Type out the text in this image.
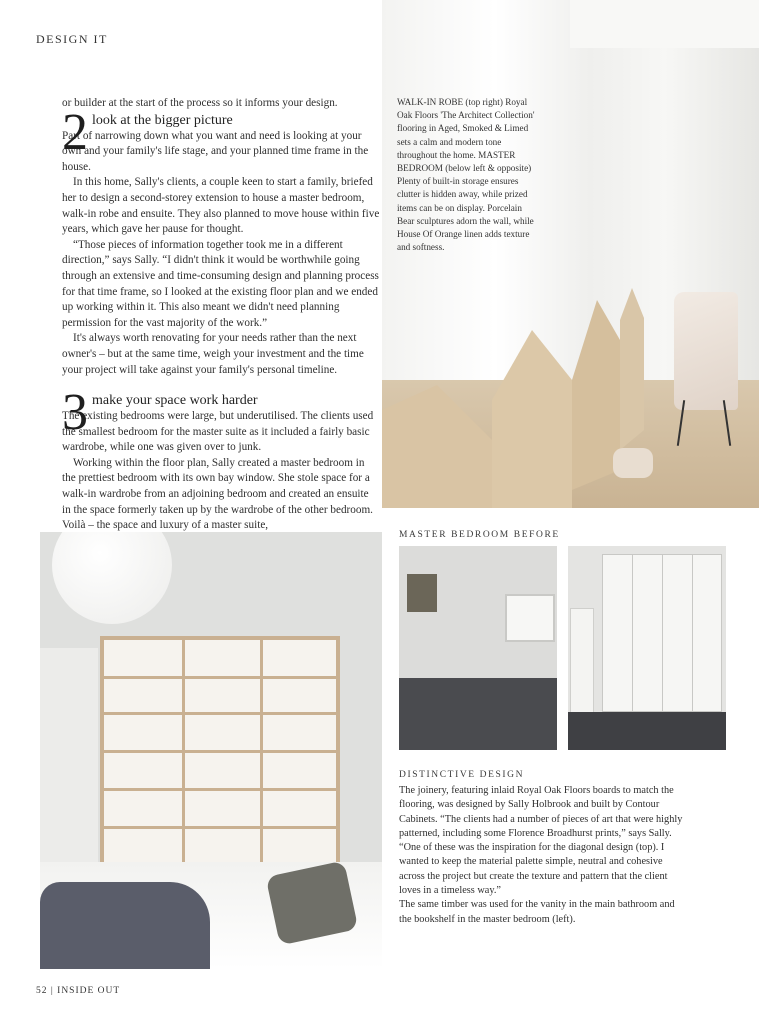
DESIGN IT

or builder at the start of the process so it informs your design.

2 look at the bigger picture

Part of narrowing down what you want and need is looking at your own and your family's life stage, and your planned time frame in the house.

In this home, Sally's clients, a couple keen to start a family, briefed her to design a second-storey extension to house a master bedroom, walk-in robe and ensuite. They also planned to move house within five years, which gave her pause for thought.

“Those pieces of information together took me in a different direction,” says Sally. “I didn't think it would be worthwhile going through an extensive and time-consuming design and planning process for that time frame, so I looked at the existing floor plan and we ended up working within it. This also meant we didn't need planning permission for the vast majority of the work.”

It's always worth renovating for your needs rather than the next owner's – but at the same time, weigh your investment and the time your project will take against your family's personal timeline.

3 make your space work harder

The existing bedrooms were large, but underutilised. The clients used the smallest bedroom for the master suite as it included a fairly basic wardrobe, while one was given over to junk.

Working within the floor plan, Sally created a master bedroom in the prettiest bedroom with its own bay window. She stole space for a walk-in wardrobe from an adjoining bedroom and created an ensuite in the space formerly taken up by the wardrobe of the other bedroom. Voilà – the space and luxury of a master suite,

WALK-IN ROBE (top right) Royal Oak Floors 'The Architect Collection' flooring in Aged, Smoked & Limed sets a calm and modern tone throughout the home. MASTER BEDROOM (below left & opposite) Plenty of built-in storage ensures clutter is hidden away, while prized items can be on display. Porcelain Bear sculptures adorn the wall, while House Of Orange linen adds texture and softness.
MASTER BEDROOM BEFORE
DISTINCTIVE DESIGN

The joinery, featuring inlaid Royal Oak Floors boards to match the flooring, was designed by Sally Holbrook and built by Contour Cabinets. “The clients had a number of pieces of art that were highly patterned, including some Florence Broadhurst prints,” says Sally. “One of these was the inspiration for the diagonal design (top). I wanted to keep the material palette simple, neutral and cohesive across the project but create the texture and pattern that the client loves in a timeless way.”

The same timber was used for the vanity in the main bathroom and the bookshelf in the master bedroom (left).

52 | INSIDE OUT
